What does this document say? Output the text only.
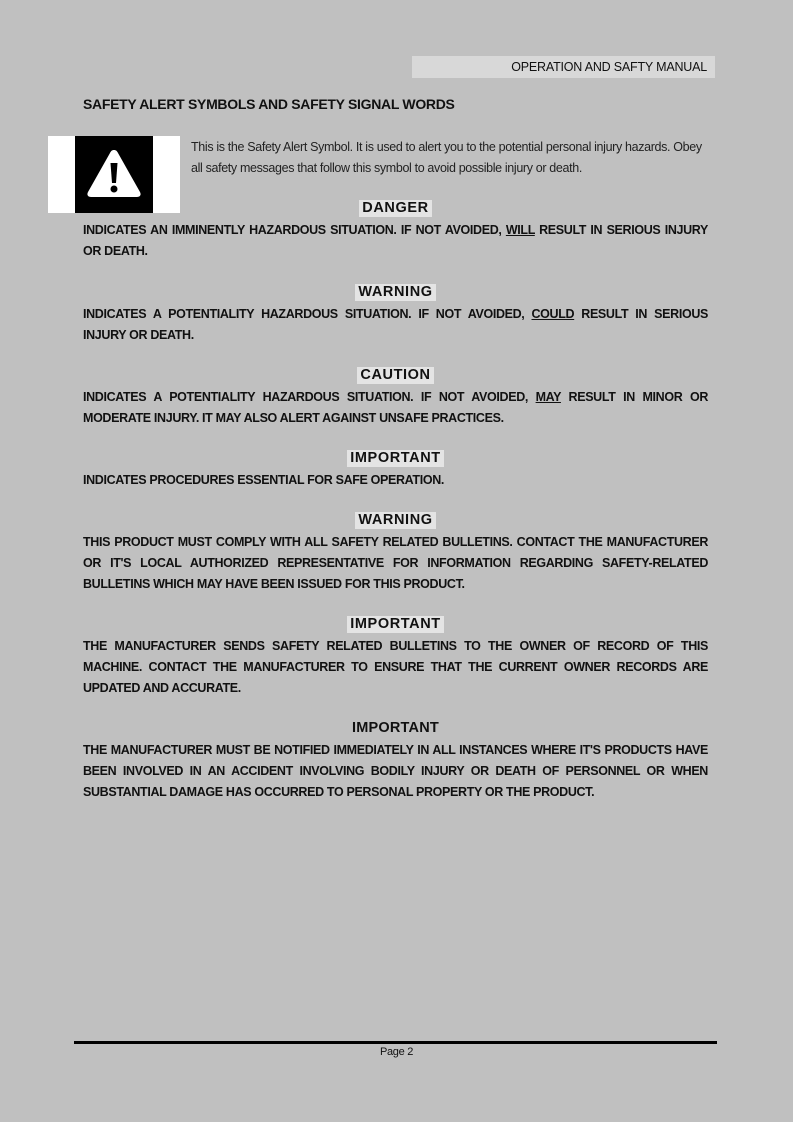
OPERATION AND SAFTY MANUAL
SAFETY ALERT SYMBOLS AND SAFETY SIGNAL WORDS
This is the Safety Alert Symbol. It is used to alert you to the potential personal injury hazards. Obey all safety messages that follow this symbol to avoid possible injury or death.
DANGER
INDICATES AN IMMINENTLY HAZARDOUS SITUATION. IF NOT AVOIDED, WILL RESULT IN SERIOUS INJURY OR DEATH.
WARNING
INDICATES A POTENTIALITY HAZARDOUS SITUATION. IF NOT AVOIDED, COULD RESULT IN SERIOUS INJURY OR DEATH.
CAUTION
INDICATES A POTENTIALITY HAZARDOUS SITUATION. IF NOT AVOIDED, MAY RESULT IN MINOR OR MODERATE INJURY. IT MAY ALSO ALERT AGAINST UNSAFE PRACTICES.
IMPORTANT
INDICATES PROCEDURES ESSENTIAL FOR SAFE OPERATION.
WARNING
THIS PRODUCT MUST COMPLY WITH ALL SAFETY RELATED BULLETINS. CONTACT THE MANUFACTURER OR IT'S LOCAL AUTHORIZED REPRESENTATIVE FOR INFORMATION REGARDING SAFETY-RELATED BULLETINS WHICH MAY HAVE BEEN ISSUED FOR THIS PRODUCT.
IMPORTANT
THE MANUFACTURER SENDS SAFETY RELATED BULLETINS TO THE OWNER OF RECORD OF THIS MACHINE. CONTACT THE MANUFACTURER TO ENSURE THAT THE CURRENT OWNER RECORDS ARE UPDATED AND ACCURATE.
IMPORTANT
THE MANUFACTURER MUST BE NOTIFIED IMMEDIATELY IN ALL INSTANCES WHERE IT'S PRODUCTS HAVE BEEN INVOLVED IN AN ACCIDENT INVOLVING BODILY INJURY OR DEATH OF PERSONNEL OR WHEN SUBSTANTIAL DAMAGE HAS OCCURRED TO PERSONAL PROPERTY OR THE PRODUCT.
Page 2
